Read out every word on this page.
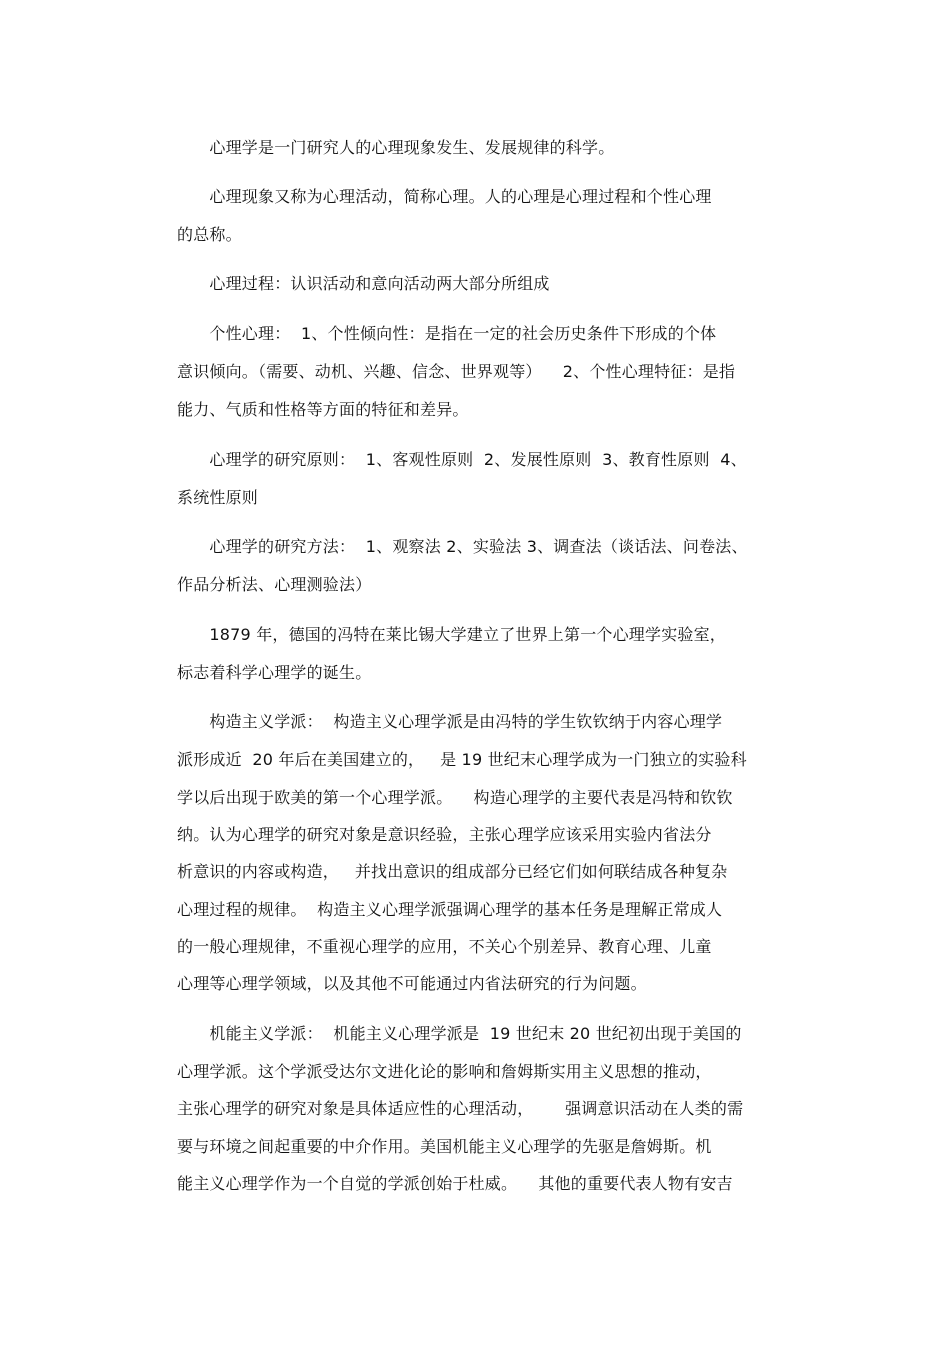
　　心理学是一门研究人的心理现象发生、发展规律的科学。
　　心理现象又称为心理活动，简称心理。人的心理是心理过程和个性心理
的总称。
　　心理过程：认识活动和意向活动两大部分所组成
　　个性心理：  1、个性倾向性：是指在一定的社会历史条件下形成的个体
意识倾向。（需要、动机、兴趣、信念、世界观等）    2、个性心理特征：是指
能力、气质和性格等方面的特征和差异。
　　心理学的研究原则：  1、客观性原则  2、发展性原则  3、教育性原则  4、
系统性原则
　　心理学的研究方法：  1、观察法 2、实验法 3、调查法（谈话法、问卷法、
作品分析法、心理测验法）
　　1879 年，德国的冯特在莱比锡大学建立了世界上第一个心理学实验室，
标志着科学心理学的诞生。
　　构造主义学派：  构造主义心理学派是由冯特的学生钦钦纳于内容心理学
派形成近  20 年后在美国建立的，   是 19 世纪末心理学成为一门独立的实验科
学以后出现于欧美的第一个心理学派。    构造心理学的主要代表是冯特和钦钦
纳。认为心理学的研究对象是意识经验，主张心理学应该采用实验内省法分
析意识的内容或构造，   并找出意识的组成部分已经它们如何联结成各种复杂
心理过程的规律。  构造主义心理学派强调心理学的基本任务是理解正常成人
的一般心理规律，不重视心理学的应用，不关心个别差异、教育心理、儿童
心理等心理学领域，以及其他不可能通过内省法研究的行为问题。
　　机能主义学派：  机能主义心理学派是  19 世纪末 20 世纪初出现于美国的
心理学派。这个学派受达尔文进化论的影响和詹姆斯实用主义思想的推动，
主张心理学的研究对象是具体适应性的心理活动，      强调意识活动在人类的需
要与环境之间起重要的中介作用。美国机能主义心理学的先驱是詹姆斯。机
能主义心理学作为一个自觉的学派创始于杜威。    其他的重要代表人物有安吉
